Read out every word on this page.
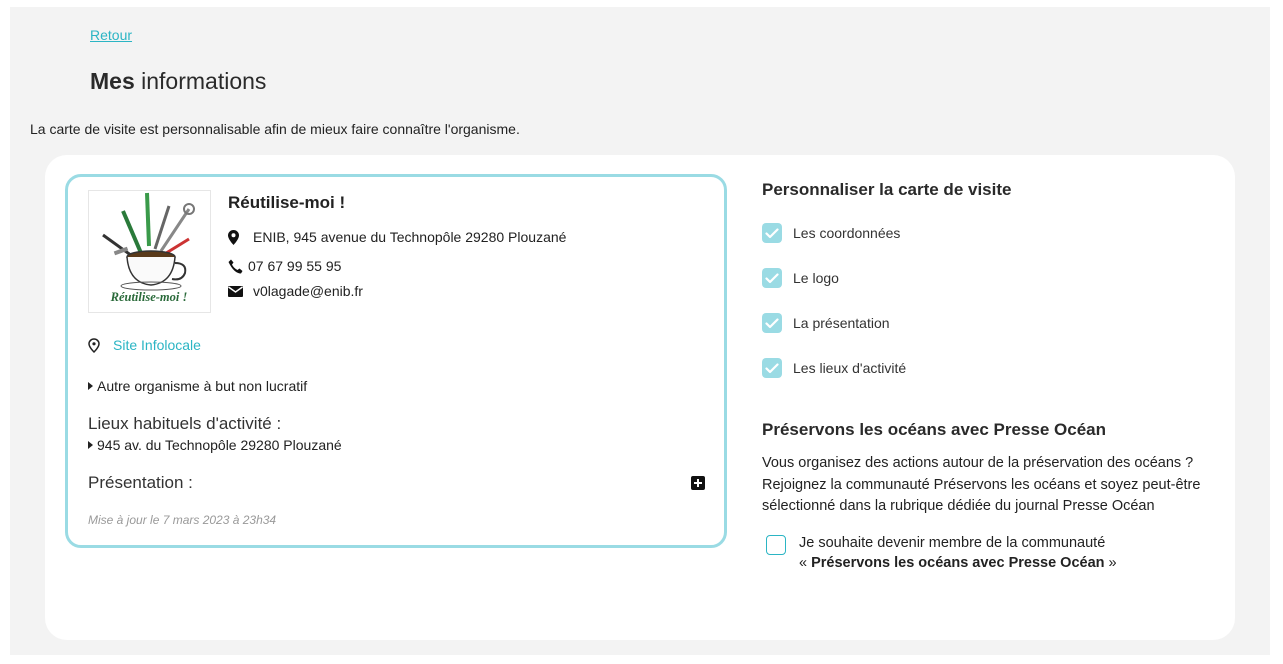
Retour
Mes informations
La carte de visite est personnalisable afin de mieux faire connaître l'organisme.
Réutilise-moi !
Réutilise-moi !
ENIB, 945 avenue du Technopôle 29280 Plouzané
07 67 99 55 95
v0lagade@enib.fr
Site Infolocale
Autre organisme à but non lucratif
Lieux habituels d'activité :
945 av. du Technopôle 29280 Plouzané
Présentation :
Mise à jour le 7 mars 2023 à 23h34
Personnaliser la carte de visite
Les coordonnées
Le logo
La présentation
Les lieux d'activité
Préservons les océans avec Presse Océan
Vous organisez des actions autour de la préservation des océans ? Rejoignez la communauté Préservons les océans et soyez peut-être sélectionné dans la rubrique dédiée du journal Presse Océan
Je souhaite devenir membre de la communauté
« Préservons les océans avec Presse Océan »
